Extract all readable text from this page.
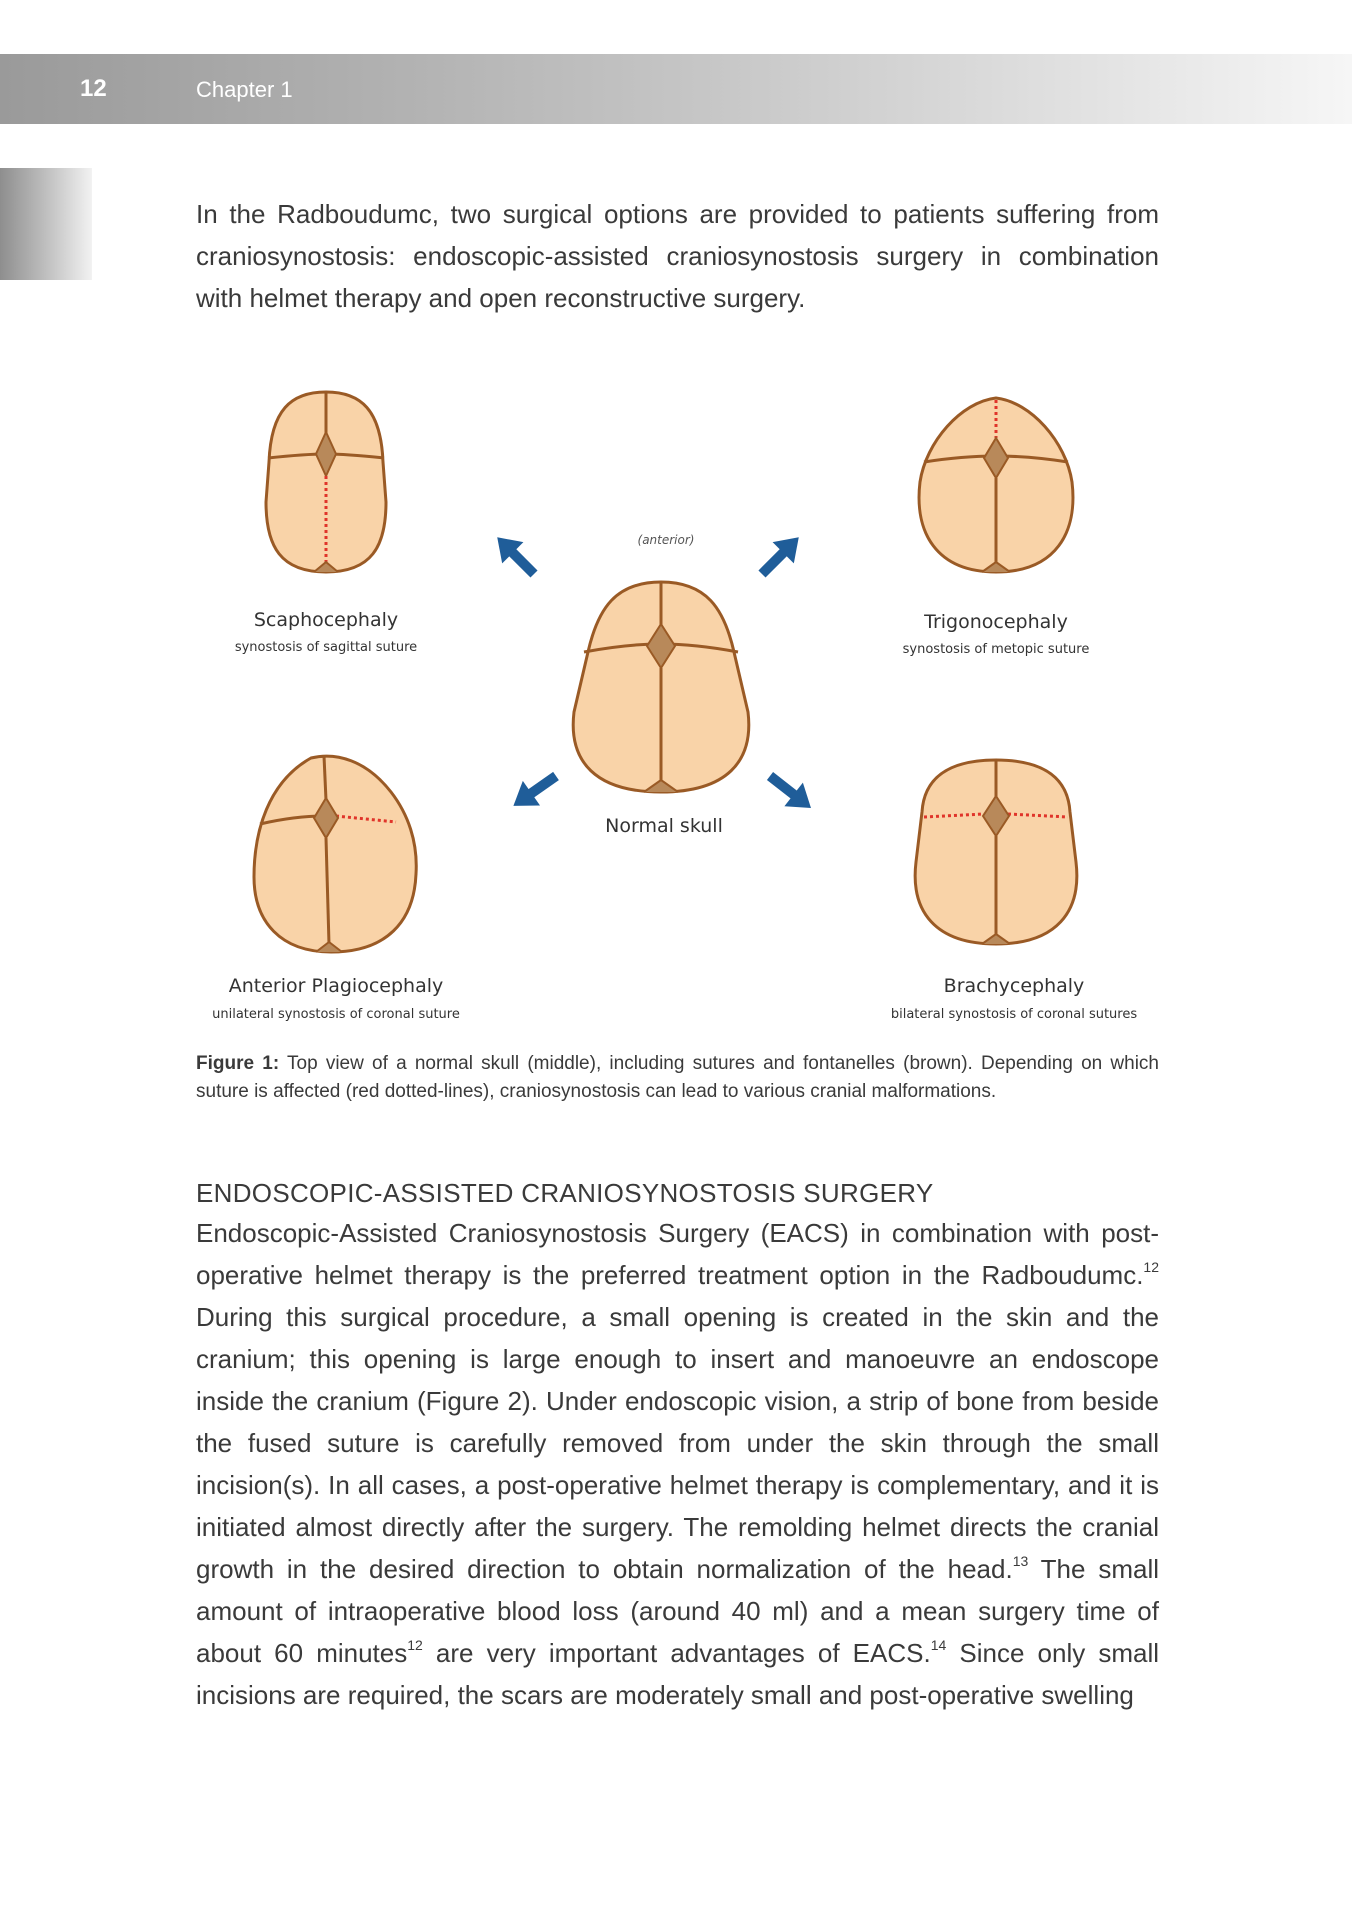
12	Chapter 1

In the Radboudumc, two surgical options are provided to patients suffering from craniosynostosis: endoscopic-assisted craniosynostosis surgery in combination with helmet therapy and open reconstructive surgery.

(anterior)
Scaphocephaly
synostosis of sagittal suture
Trigonocephaly
synostosis of metopic suture
Normal skull
Anterior Plagiocephaly
unilateral synostosis of coronal suture
Brachycephaly
bilateral synostosis of coronal sutures

Figure 1: Top view of a normal skull (middle), including sutures and fontanelles (brown). Depending on which suture is affected (red dotted-lines), craniosynostosis can lead to various cranial malformations.

ENDOSCOPIC-ASSISTED CRANIOSYNOSTOSIS SURGERY

Endoscopic-Assisted Craniosynostosis Surgery (EACS) in combination with post-operative helmet therapy is the preferred treatment option in the Radboudumc.$^{12}$ During this surgical procedure, a small opening is created in the skin and the cranium; this opening is large enough to insert and manoeuvre an endoscope inside the cranium (Figure 2). Under endoscopic vision, a strip of bone from beside the fused suture is carefully removed from under the skin through the small incision(s). In all cases, a post-operative helmet therapy is complementary, and it is initiated almost directly after the surgery. The remolding helmet directs the cranial growth in the desired direction to obtain normalization of the head.$^{13}$ The small amount of intraoperative blood loss (around 40 ml) and a mean surgery time of about 60 minutes$^{12}$ are very important advantages of EACS.$^{14}$ Since only small incisions are required, the scars are moderately small and post-operative swelling
